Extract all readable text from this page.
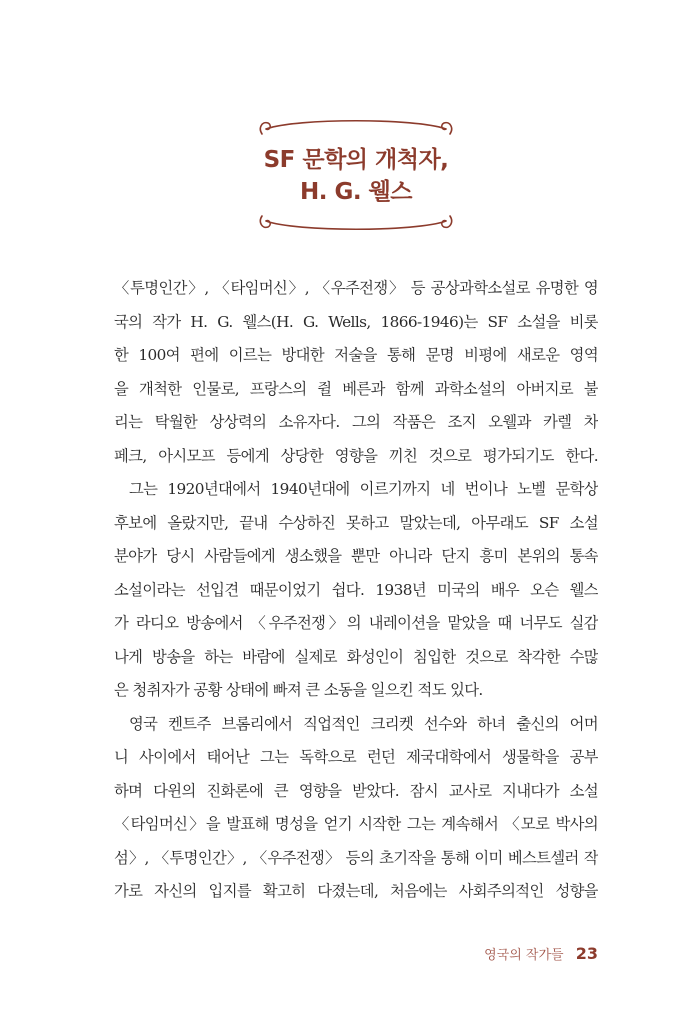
SF 문학의 개척자,
H. G. 웰스
〈투명인간〉, 〈타임머신〉, 〈우주전쟁〉 등 공상과학소설로 유명한 영
국의 작가 H. G. 웰스(H. G. Wells, 1866-1946)는 SF 소설을 비롯
한 100여 편에 이르는 방대한 저술을 통해 문명 비평에 새로운 영역
을 개척한 인물로, 프랑스의 쥘 베른과 함께 과학소설의 아버지로 불
리는 탁월한 상상력의 소유자다. 그의 작품은 조지 오웰과 카렐 차
페크, 아시모프 등에게 상당한 영향을 끼친 것으로 평가되기도 한다.
그는 1920년대에서 1940년대에 이르기까지 네 번이나 노벨 문학상
후보에 올랐지만, 끝내 수상하진 못하고 말았는데, 아무래도 SF 소설
분야가 당시 사람들에게 생소했을 뿐만 아니라 단지 흥미 본위의 통속
소설이라는 선입견 때문이었기 쉽다. 1938년 미국의 배우 오슨 웰스
가 라디오 방송에서 〈우주전쟁〉의 내레이션을 맡았을 때 너무도 실감
나게 방송을 하는 바람에 실제로 화성인이 침입한 것으로 착각한 수많
은 청취자가 공황 상태에 빠져 큰 소동을 일으킨 적도 있다.
영국 켄트주 브롬리에서 직업적인 크리켓 선수와 하녀 출신의 어머
니 사이에서 태어난 그는 독학으로 런던 제국대학에서 생물학을 공부
하며 다윈의 진화론에 큰 영향을 받았다. 잠시 교사로 지내다가 소설
〈타임머신〉을 발표해 명성을 얻기 시작한 그는 계속해서 〈모로 박사의
섬〉, 〈투명인간〉, 〈우주전쟁〉 등의 초기작을 통해 이미 베스트셀러 작
가로 자신의 입지를 확고히 다졌는데, 처음에는 사회주의적인 성향을
영국의 작가들 23
